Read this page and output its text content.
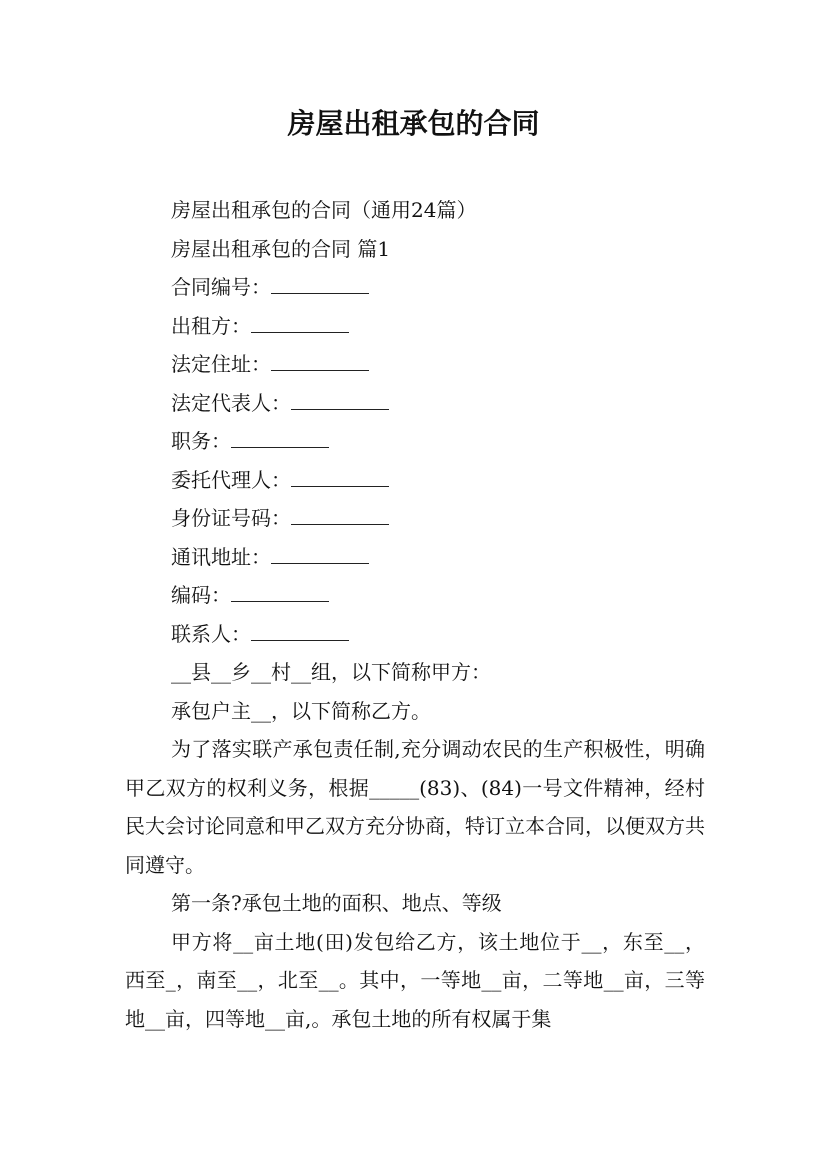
房屋出租承包的合同

房屋出租承包的合同（通用24篇）

房屋出租承包的合同 篇1

合同编号：

出租方：

法定住址：

法定代表人：

职务：

委托代理人：

身份证号码：

通讯地址：

编码：

联系人：

__县__乡__村__组，以下简称甲方：

承包户主__，以下简称乙方。

为了落实联产承包责任制,充分调动农民的生产积极性，明确甲乙双方的权利义务，根据_____(83)、(84)一号文件精神，经村民大会讨论同意和甲乙双方充分协商，特订立本合同，以便双方共同遵守。

第一条?承包土地的面积、地点、等级

甲方将__亩土地(田)发包给乙方，该土地位于__，东至__，西至_，南至__，北至__。其中，一等地__亩，二等地__亩，三等地__亩，四等地__亩,。承包土地的所有权属于集
